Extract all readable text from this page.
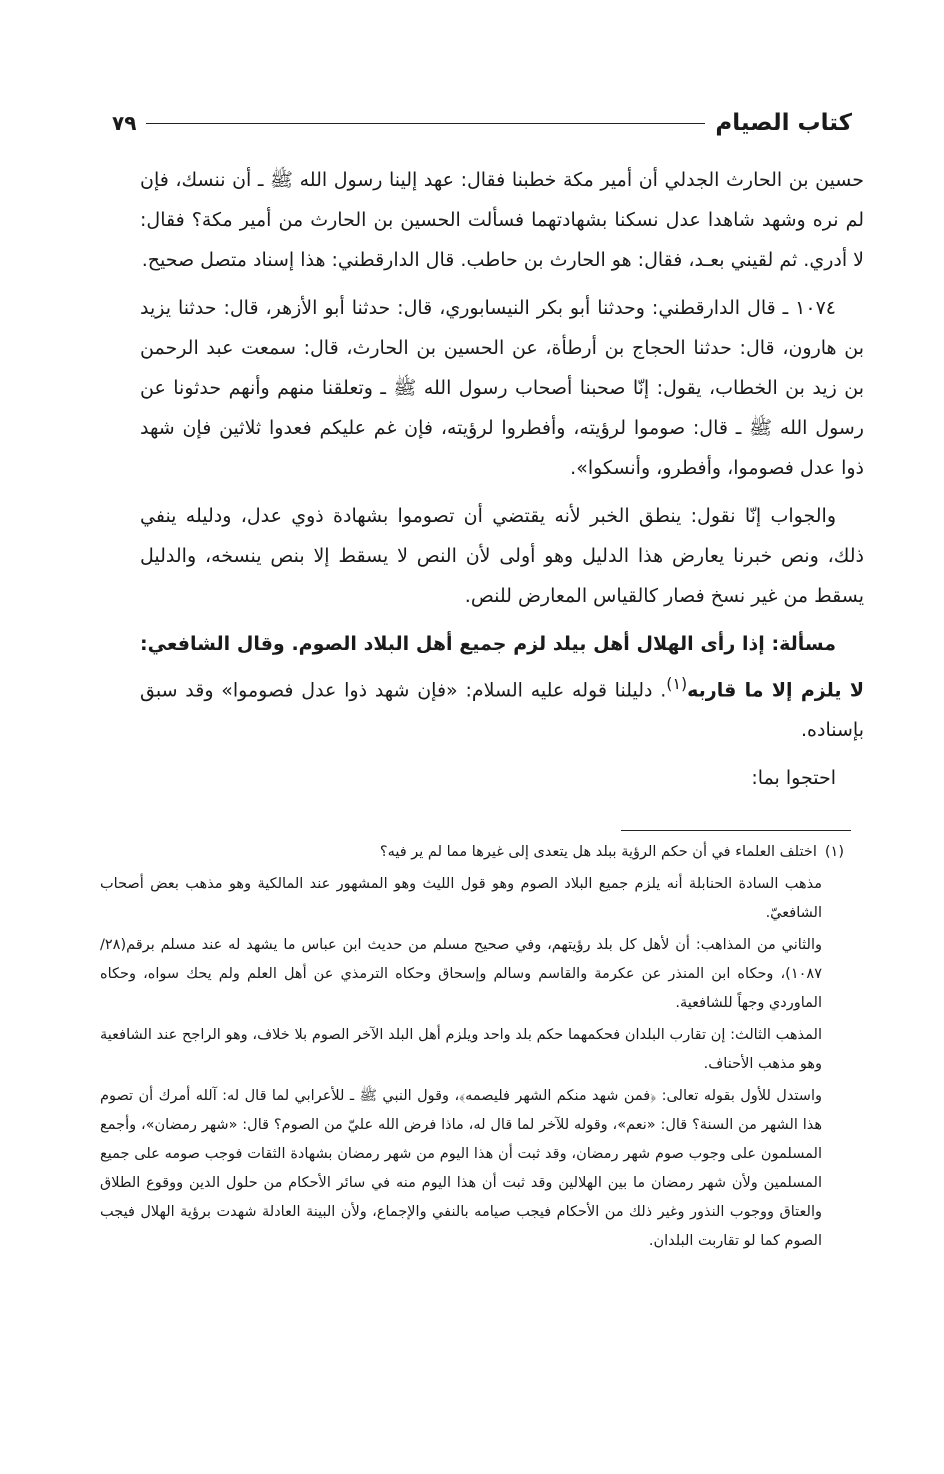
كتاب الصيام
٧٩

حسين بن الحارث الجدلي أن أمير مكة خطبنا فقال: عهد إلينا رسول الله ﷺ ـ أن ننسك، فإن لم نره وشهد شاهدا عدل نسكنا بشهادتهما فسألت الحسين بن الحارث من أمير مكة؟ فقال: لا أدري. ثم لقيني بعـد، فقال: هو الحارث بن حاطب. قال الدارقطني: هذا إسناد متصل صحيح.

١٠٧٤ ـ قال الدارقطني: وحدثنا أبو بكر النيسابوري، قال: حدثنا أبو الأزهر، قال: حدثنا يزيد بن هارون، قال: حدثنا الحجاج بن أرطأة، عن الحسين بن الحارث، قال: سمعت عبد الرحمن بن زيد بن الخطاب، يقول: إنّا صحبنا أصحاب رسول الله ﷺ ـ وتعلقنا منهم وأنهم حدثونا عن رسول الله ﷺ ـ قال: صوموا لرؤيته، وأفطروا لرؤيته، فإن غم عليكم فعدوا ثلاثين فإن شهد ذوا عدل فصوموا، وأفطرو، وأنسكوا».

والجواب إنّا نقول: ينطق الخبر لأنه يقتضي أن تصوموا بشهادة ذوي عدل، ودليله ينفي ذلك، ونص خبرنا يعارض هذا الدليل وهو أولى لأن النص لا يسقط إلا بنص ينسخه، والدليل يسقط من غير نسخ فصار كالقياس المعارض للنص.

مسألة: إذا رأى الهلال أهل بيلد لزم جميع أهل البلاد الصوم. وقال الشافعي: لا يلزم إلا ما قاربه$^{(١)}$. دليلنا قوله عليه السلام: «فإن شهد ذوا عدل فصوموا» وقد سبق بإسناده.

احتجوا بما:

(١)اختلف العلماء في أن حكم الرؤية ببلد هل يتعدى إلى غيرها مما لم ير فيه؟

مذهب السادة الحنابلة أنه يلزم جميع البلاد الصوم وهو قول الليث وهو المشهور عند المالكية وهو مذهب بعض أصحاب الشافعيّ.

والثاني من المذاهب: أن لأهل كل بلد رؤيتهم، وفي صحيح مسلم من حديث ابن عباس ما يشهد له عند مسلم برقم(٢٨/ ١٠٨٧)، وحكاه ابن المنذر عن عكرمة والقاسم وسالم وإسحاق وحكاه الترمذي عن أهل العلم ولم يحك سواه، وحكاه الماوردي وجهاً للشافعية.

المذهب الثالث: إن تقارب البلدان فحكمهما حكم بلد واحد ويلزم أهل البلد الآخر الصوم بلا خلاف، وهو الراجح عند الشافعية وهو مذهب الأحناف.

واستدل للأول بقوله تعالى: ﴿فمن شهد منكم الشهر فليصمه﴾، وقول النبي ﷺ ـ للأعرابي لما قال له: آلله أمرك أن تصوم هذا الشهر من السنة؟ قال: «نعم»، وقوله للآخر لما قال له، ماذا فرض الله عليّ من الصوم؟ قال: «شهر رمضان»، وأجمع المسلمون على وجوب صوم شهر رمضان، وقد ثبت أن هذا اليوم من شهر رمضان بشهادة الثقات فوجب صومه على جميع المسلمين ولأن شهر رمضان ما بين الهلالين وقد ثبت أن هذا اليوم منه في سائر الأحكام من حلول الدين ووقوع الطلاق والعتاق ووجوب النذور وغير ذلك من الأحكام فيجب صيامه بالنفي والإجماع، ولأن البينة العادلة شهدت برؤية الهلال فيجب الصوم كما لو تقاربت البلدان.
